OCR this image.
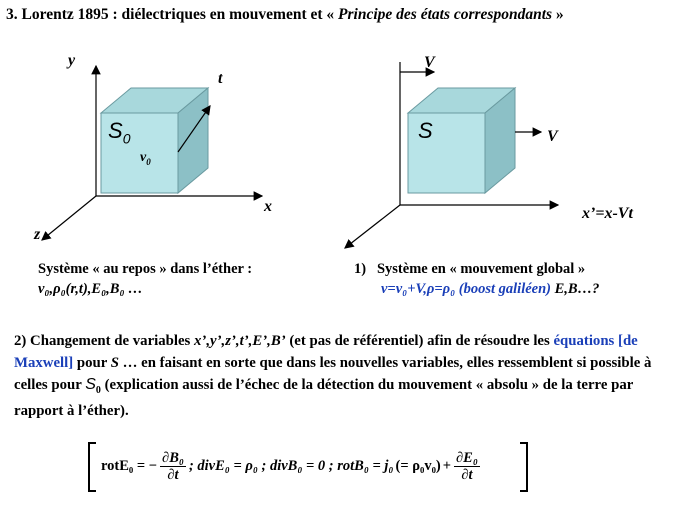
3. Lorentz 1895 : diélectriques en mouvement et « Principe des états correspondants »
y
t
x
z
$S_0$
$v_0$
V
V
S
x’=x-Vt
Système « au repos » dans l’éther :
v₀,ρ₀(r,t),E₀,B₀ …
1) Système en « mouvement global »
v=v₀+V,ρ=ρ₀ (boost galiléen) E,B…?
2) Changement de variables x’,y’,z’,t’,E’,B’ (et pas de référentiel) afin de résoudre les équations [de Maxwell] pour S … en faisant en sorte que dans les nouvelles variables, elles ressemblent si possible à celles pour $S_0$ (explication aussi de l’échec de la détection du mouvement « absolu » de la terre par rapport à l’éther).
rotE₀ = − $\frac{\text{∂B₀}}{\partial t}$ ; divE₀ = ρ₀ ; divB₀ = 0 ; rotB₀ = j₀ (= $\rho_0v_0) + \frac{\text{∂E₀}}{\partial t}$
